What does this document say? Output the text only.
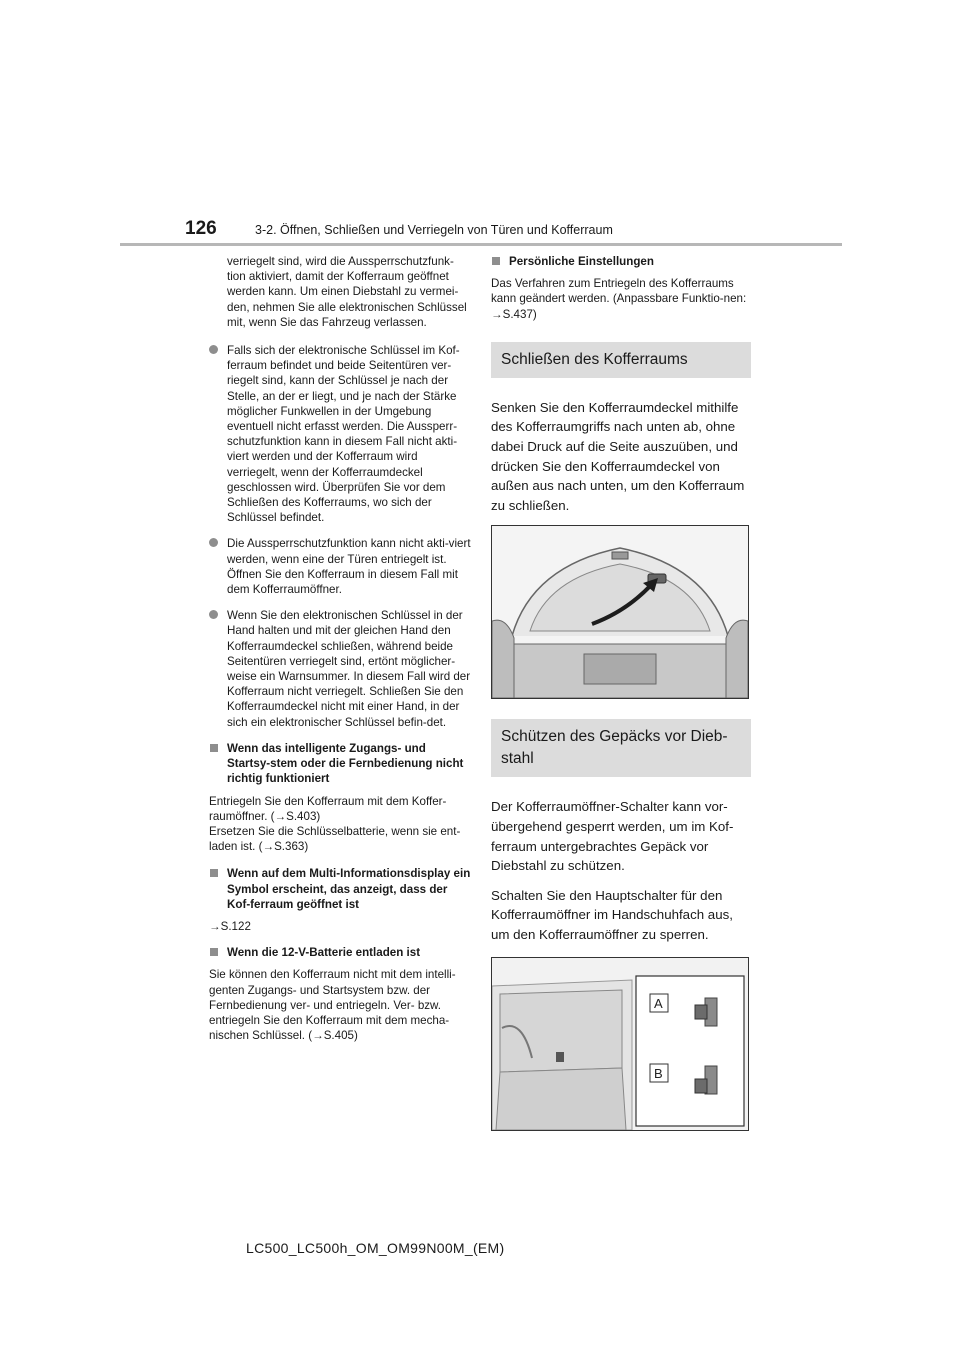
126	3-2. Öffnen, Schließen und Verriegeln von Türen und Kofferraum

verriegelt sind, wird die Aussperrschutzfunk-tion aktiviert, damit der Kofferraum geöffnet werden kann. Um einen Diebstahl zu vermei-den, nehmen Sie alle elektronischen Schlüssel mit, wenn Sie das Fahrzeug verlassen.

Falls sich der elektronische Schlüssel im Kof-ferraum befindet und beide Seitentüren ver-riegelt sind, kann der Schlüssel je nach der Stelle, an der er liegt, und je nach der Stärke möglicher Funkwellen in der Umgebung eventuell nicht erfasst werden. Die Aussperr-schutzfunktion kann in diesem Fall nicht akti-viert werden und der Kofferraum wird verriegelt, wenn der Kofferraumdeckel geschlossen wird. Überprüfen Sie vor dem Schließen des Kofferraums, wo sich der Schlüssel befindet.
Die Aussperrschutzfunktion kann nicht akti-viert werden, wenn eine der Türen entriegelt ist. Öffnen Sie den Kofferraum in diesem Fall mit dem Kofferraumöffner.
Wenn Sie den elektronischen Schlüssel in der Hand halten und mit der gleichen Hand den Kofferraumdeckel schließen, während beide Seitentüren verriegelt sind, ertönt möglicher-weise ein Warnsummer. In diesem Fall wird der Kofferraum nicht verriegelt. Schließen Sie den Kofferraumdeckel nicht mit einer Hand, in der sich ein elektronischer Schlüssel befin-det.
Wenn das intelligente Zugangs- und Startsy-stem oder die Fernbedienung nicht richtig funktioniert
Entriegeln Sie den Kofferraum mit dem Koffer-raumöffner. (→S.403)

Ersetzen Sie die Schlüsselbatterie, wenn sie ent-laden ist. (→S.363)

Wenn auf dem Multi-Informationsdisplay ein Symbol erscheint, das anzeigt, dass der Kof-ferraum geöffnet ist

→S.122

Wenn die 12-V-Batterie entladen ist

Sie können den Kofferraum nicht mit dem intelli-genten Zugangs- und Startsystem bzw. der Fernbedienung ver- und entriegeln. Ver- bzw. entriegeln Sie den Kofferraum mit dem mecha-nischen Schlüssel. (→S.405)

Persönliche Einstellungen

Das Verfahren zum Entriegeln des Kofferraums kann geändert werden. (Anpassbare Funktio-nen: →S.437)

Schließen des Kofferraums

Senken Sie den Kofferraumdeckel mithilfe des Kofferraumgriffs nach unten ab, ohne dabei Druck auf die Seite auszuüben, und drücken Sie den Kofferraumdeckel von außen aus nach unten, um den Kofferraum zu schließen.

Schützen des Gepäcks vor Dieb-stahl

Der Kofferraumöffner-Schalter kann vor-übergehend gesperrt werden, um im Kof-ferraum untergebrachtes Gepäck vor Diebstahl zu schützen.

Schalten Sie den Hauptschalter für den Kofferraumöffner im Handschuhfach aus, um den Kofferraumöffner zu sperren.

A
B
LC500_LC500h_OM_OM99N00M_(EM)
